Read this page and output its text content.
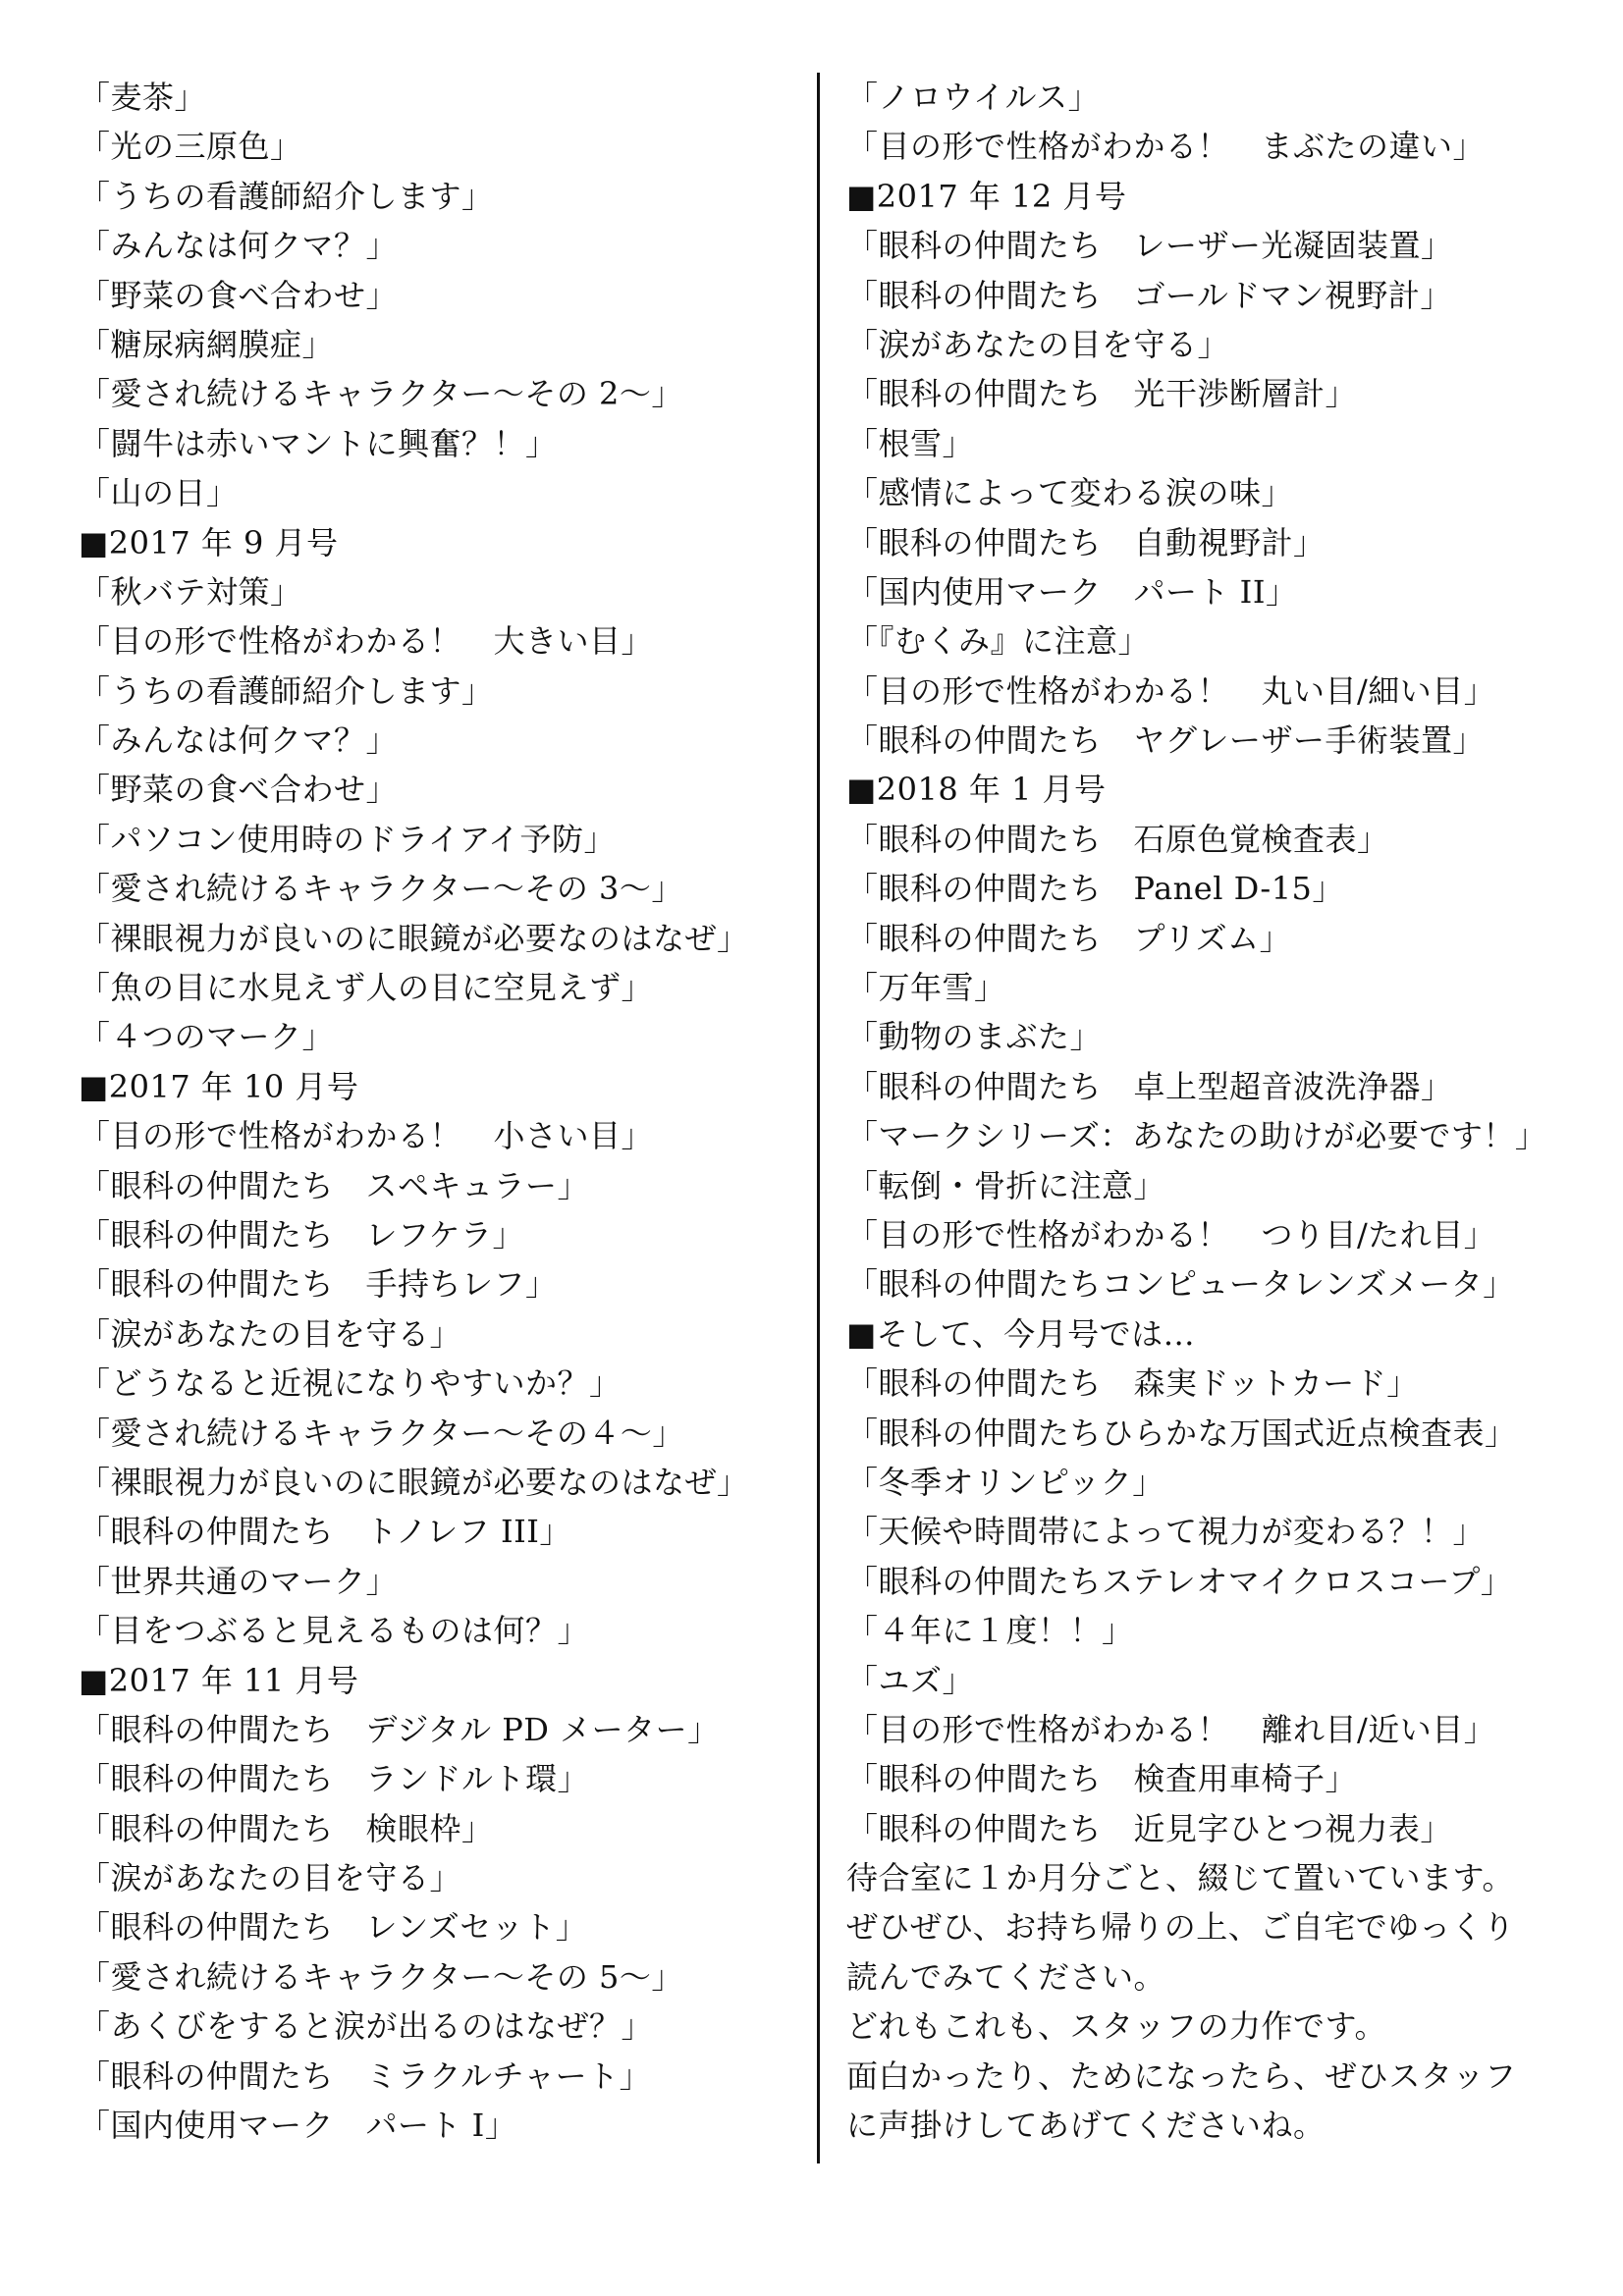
「麦茶」
「光の三原色」
「うちの看護師紹介します」
「みんなは何クマ？」
「野菜の食べ合わせ」
「糖尿病網膜症」
「愛され続けるキャラクター～その 2～」
「闘牛は赤いマントに興奮？！」
「山の日」
■2017 年 9 月号
「秋バテ対策」
「目の形で性格がわかる！　大きい目」
「うちの看護師紹介します」
「みんなは何クマ？」
「野菜の食べ合わせ」
「パソコン使用時のドライアイ予防」
「愛され続けるキャラクター～その 3～」
「裸眼視力が良いのに眼鏡が必要なのはなぜ」
「魚の目に水見えず人の目に空見えず」
「４つのマーク」
■2017 年 10 月号
「目の形で性格がわかる！　小さい目」
「眼科の仲間たち　スペキュラー」
「眼科の仲間たち　レフケラ」
「眼科の仲間たち　手持ちレフ」
「涙があなたの目を守る」
「どうなると近視になりやすいか？」
「愛され続けるキャラクター～その４～」
「裸眼視力が良いのに眼鏡が必要なのはなぜ」
「眼科の仲間たち　トノレフ III」
「世界共通のマーク」
「目をつぶると見えるものは何？」
■2017 年 11 月号
「眼科の仲間たち　デジタル PD メーター」
「眼科の仲間たち　ランドルト環」
「眼科の仲間たち　検眼枠」
「涙があなたの目を守る」
「眼科の仲間たち　レンズセット」
「愛され続けるキャラクター～その 5～」
「あくびをすると涙が出るのはなぜ？」
「眼科の仲間たち　ミラクルチャート」
「国内使用マーク　パート I」
「ノロウイルス」
「目の形で性格がわかる！　まぶたの違い」
■2017 年 12 月号
「眼科の仲間たち　レーザー光凝固装置」
「眼科の仲間たち　ゴールドマン視野計」
「涙があなたの目を守る」
「眼科の仲間たち　光干渉断層計」
「根雪」
「感情によって変わる涙の味」
「眼科の仲間たち　自動視野計」
「国内使用マーク　パート II」
「『むくみ』に注意」
「目の形で性格がわかる！　丸い目/細い目」
「眼科の仲間たち　ヤグレーザー手術装置」
■2018 年 1 月号
「眼科の仲間たち　石原色覚検査表」
「眼科の仲間たち　Panel D-15」
「眼科の仲間たち　プリズム」
「万年雪」
「動物のまぶた」
「眼科の仲間たち　卓上型超音波洗浄器」
「マークシリーズ：あなたの助けが必要です！」
「転倒・骨折に注意」
「目の形で性格がわかる！　つり目/たれ目」
「眼科の仲間たちコンピュータレンズメータ」
■そして、今月号では…
「眼科の仲間たち　森実ドットカード」
「眼科の仲間たちひらかな万国式近点検査表」
「冬季オリンピック」
「天候や時間帯によって視力が変わる？！」
「眼科の仲間たちステレオマイクロスコープ」
「４年に１度！！」
「ユズ」
「目の形で性格がわかる！　離れ目/近い目」
「眼科の仲間たち　検査用車椅子」
「眼科の仲間たち　近見字ひとつ視力表」
待合室に１か月分ごと、綴じて置いています。
ぜひぜひ、お持ち帰りの上、ご自宅でゆっくり
読んでみてください。
どれもこれも、スタッフの力作です。
面白かったり、ためになったら、ぜひスタッフ
に声掛けしてあげてくださいね。
